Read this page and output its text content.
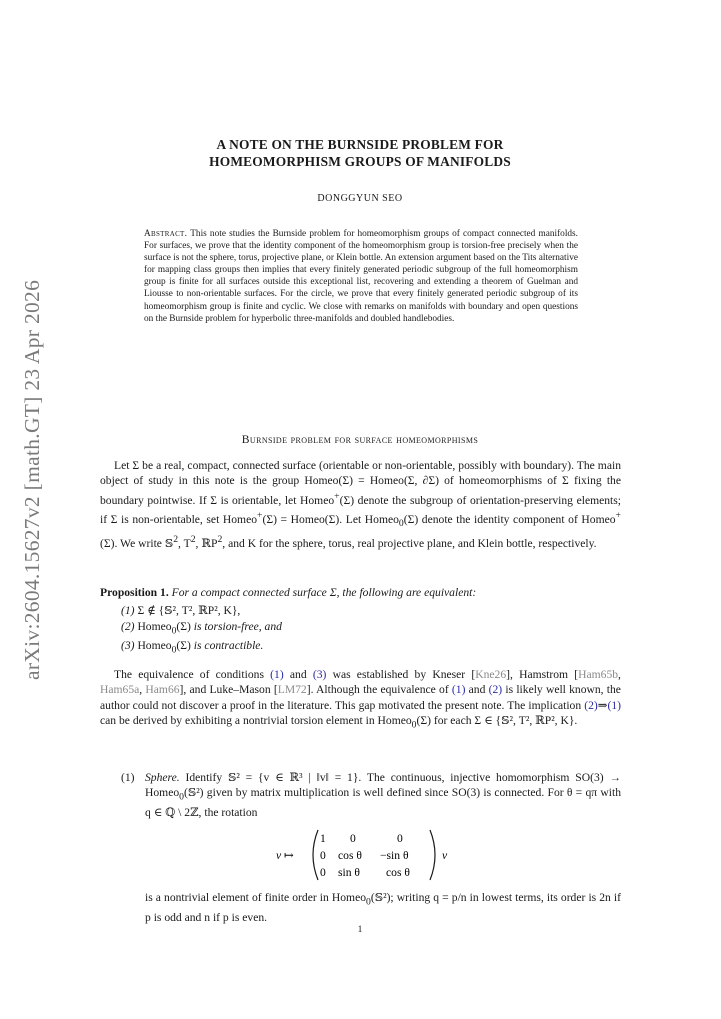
arXiv:2604.15627v2 [math.GT] 23 Apr 2026
A NOTE ON THE BURNSIDE PROBLEM FOR
HOMEOMORPHISM GROUPS OF MANIFOLDS
DONGGYUN SEO
Abstract. This note studies the Burnside problem for homeomorphism groups of compact connected manifolds. For surfaces, we prove that the identity component of the homeomorphism group is torsion-free precisely when the surface is not the sphere, torus, projective plane, or Klein bottle. An extension argument based on the Tits alternative for mapping class groups then implies that every finitely generated periodic subgroup of the full homeomorphism group is finite for all surfaces outside this exceptional list, recovering and extending a theorem of Guelman and Liousse to non-orientable surfaces. For the circle, we prove that every finitely generated periodic subgroup of its homeomorphism group is finite and cyclic. We close with remarks on manifolds with boundary and open questions on the Burnside problem for hyperbolic three-manifolds and doubled handlebodies.
Burnside problem for surface homeomorphisms
Let Σ be a real, compact, connected surface (orientable or non-orientable, possibly with boundary). The main object of study in this note is the group Homeo(Σ) = Homeo(Σ, ∂Σ) of homeomorphisms of Σ fixing the boundary pointwise. If Σ is orientable, let Homeo+(Σ) denote the subgroup of orientation-preserving elements; if Σ is non-orientable, set Homeo+(Σ) = Homeo(Σ). Let Homeo$_0$(Σ) denote the identity component of Homeo+(Σ). We write 𝕊$^2$, $T^2$, ℝP$^2$, and K for the sphere, torus, real projective plane, and Klein bottle, respectively.
Proposition 1. For a compact connected surface Σ, the following are equivalent:
(1) Σ ∉ {𝕊², T², ℝP², K},
(2) Homeo$_0$(Σ) is torsion-free, and
(3) Homeo$_0$(Σ) is contractible.
The equivalence of conditions (1) and (3) was established by Kneser [Kne26], Hamstrom [Ham65b, Ham65a, Ham66], and Luke–Mason [LM72]. Although the equivalence of (1) and (2) is likely well known, the author could not discover a proof in the literature. This gap motivated the present note. The implication (2)⇒(1) can be derived by exhibiting a nontrivial torsion element in Homeo$_0$(Σ) for each Σ ∈ {𝕊², T², ℝP², K}.
(1) Sphere. Identify 𝕊² = {v ∈ ℝ³ | ‖v‖ = 1}. The continuous, injective homomorphism SO(3) → Homeo$_0$(𝕊²) given by matrix multiplication is well defined since SO(3) is connected. For θ = qπ with q ∈ ℚ \ 2ℤ, the rotation
v ↦
1 0	0
0 cos θ −sin θ
0 sin θ cos θ
v
is a nontrivial element of finite order in Homeo$_0$(𝕊²); writing q = p/n in lowest terms, its order is 2n if p is odd and n if p is even.
1
